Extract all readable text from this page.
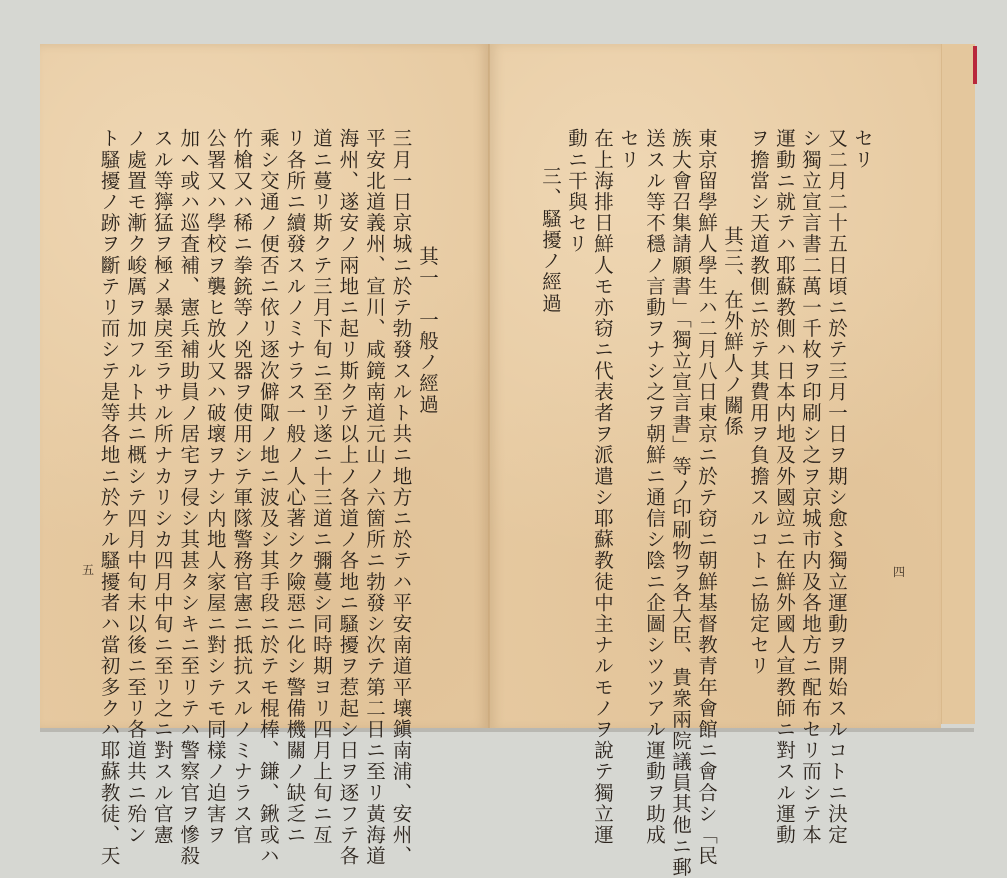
セリ
又二月二十五日頃ニ於テ三月一日ヲ期シ愈〻獨立運動ヲ開始スルコトニ決定
シ獨立宣言書二萬一千枚ヲ印刷シ之ヲ京城市内及各地方ニ配布セリ而シテ本
運動ニ就テハ耶蘇教側ハ日本内地及外國竝ニ在鮮外國人宣教師ニ對スル運動
ヲ擔當シ天道教側ニ於テ其費用ヲ負擔スルコトニ協定セリ
其三、在外鮮人ノ關係
東京留學鮮人學生ハ二月八日東京ニ於テ窃ニ朝鮮基督教青年會館ニ會合シ「民
族大會召集請願書」「獨立宣言書」等ノ印刷物ヲ各大臣、貴衆兩院議員其他ニ郵
送スル等不穩ノ言動ヲナシ之ヲ朝鮮ニ通信シ陰ニ企圖シツツアル運動ヲ助成
セリ
在上海排日鮮人モ亦窃ニ代表者ヲ派遣シ耶蘇教徒中主ナルモノヲ說テ獨立運
動ニ干與セリ
三、騷擾ノ經過
四
其一　一般ノ經過
三月一日京城ニ於テ勃發スルト共ニ地方ニ於テハ平安南道平壤鎭南浦、安州、
平安北道義州、宣川、咸鏡南道元山ノ六箇所ニ勃發シ次テ第二日ニ至リ黃海道
海州、遂安ノ兩地ニ起リ斯クテ以上ノ各道ノ各地ニ騷擾ヲ惹起シ日ヲ逐フテ各
道ニ蔓リ斯クテ三月下旬ニ至リ遂ニ十三道ニ彌蔓シ同時期ヨリ四月上旬ニ亙
リ各所ニ續發スルノミナラス一般ノ人心著シク險惡ニ化シ警備機關ノ缺乏ニ
乘シ交通ノ便否ニ依リ逐次僻陬ノ地ニ波及シ其手段ニ於テモ棍棒、鎌、鍬或ハ
竹槍又ハ稀ニ拳銃等ノ兇器ヲ使用シテ軍隊警務官憲ニ抵抗スルノミナラス官
公署又ハ學校ヲ襲ヒ放火又ハ破壞ヲナシ内地人家屋ニ對シテモ同樣ノ迫害ヲ
加ヘ或ハ巡査補、憲兵補助員ノ居宅ヲ侵シ其甚タシキニ至リテハ警察官ヲ慘殺
スル等獰猛ヲ極メ暴戾至ラサル所ナカリシカ四月中旬ニ至リ之ニ對スル官憲
ノ處置モ漸ク峻厲ヲ加フルト共ニ概シテ四月中旬末以後ニ至リ各道共ニ殆ン
ト騷擾ノ跡ヲ斷テリ而シテ是等各地ニ於ケル騷擾者ハ當初多クハ耶蘇教徒、天
五
